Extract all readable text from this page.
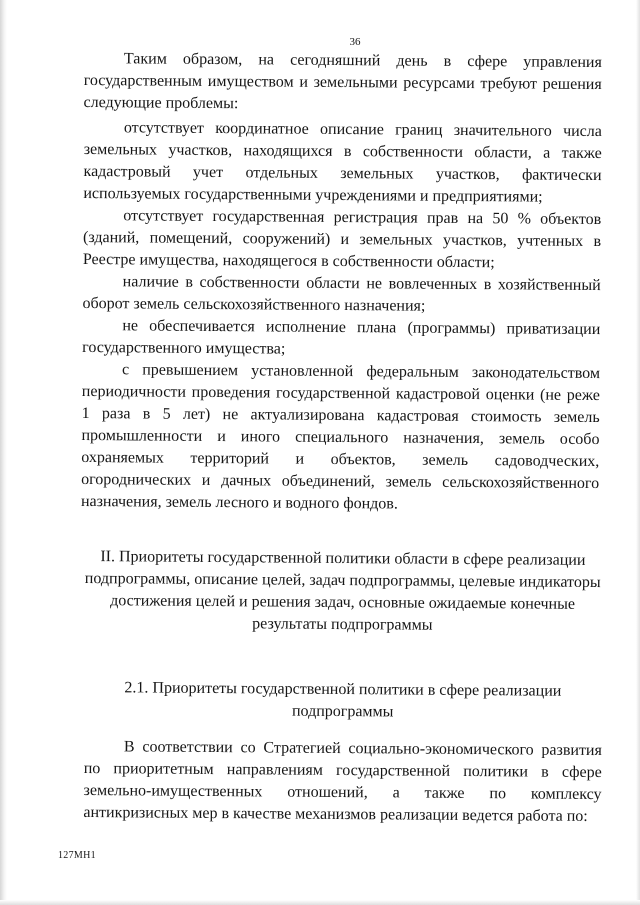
36

Таким образом, на сегодняшний день в сфере управления государственным имуществом и земельными ресурсами требуют решения следующие проблемы:

отсутствует координатное описание границ значительного числа земельных участков, находящихся в собственности области, а также кадастровый учет отдельных земельных участков, фактически используемых государственными учреждениями и предприятиями;

отсутствует государственная регистрация прав на 50 % объектов (зданий, помещений, сооружений) и земельных участков, учтенных в Реестре имущества, находящегося в собственности области;

наличие в собственности области не вовлеченных в хозяйственный оборот земель сельскохозяйственного назначения;

не обеспечивается исполнение плана (программы) приватизации государственного имущества;

с превышением установленной федеральным законодательством периодичности проведения государственной кадастровой оценки (не реже 1 раза в 5 лет) не актуализирована кадастровая стоимость земель промышленности и иного специального назначения, земель особо охраняемых территорий и объектов, земель садоводческих, огороднических и дачных объединений, земель сельскохозяйственного назначения, земель лесного и водного фондов.

II. Приоритеты государственной политики области в сфере реализации подпрограммы, описание целей, задач подпрограммы, целевые индикаторы достижения целей и решения задач, основные ожидаемые конечные результаты подпрограммы

2.1. Приоритеты государственной политики в сфере реализации подпрограммы

В соответствии со Стратегией социально-экономического развития по приоритетным направлениям государственной политики в сфере земельно-имущественных отношений, а также по комплексу антикризисных мер в качестве механизмов реализации ведется работа по:

127МН1
